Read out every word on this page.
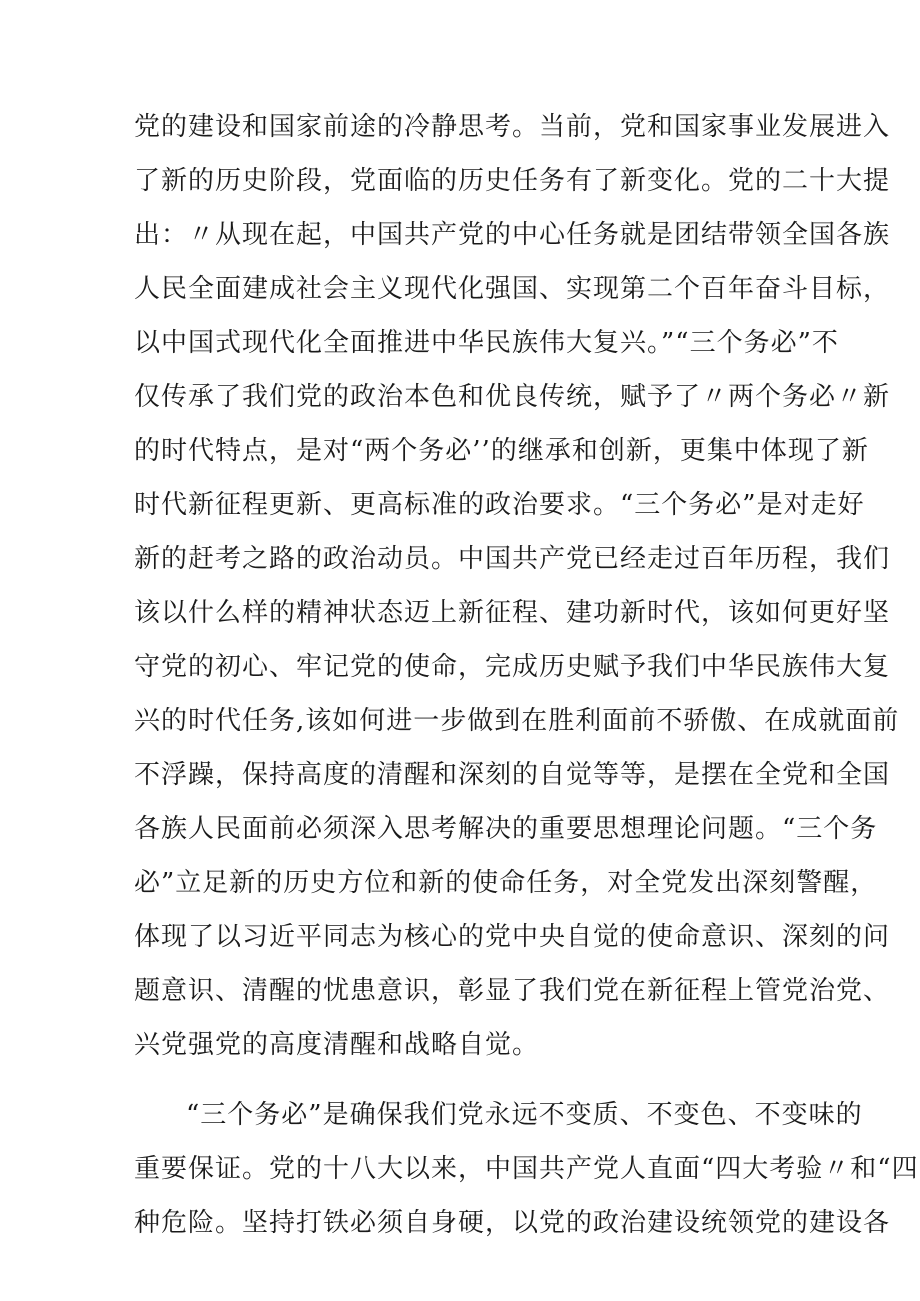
党的建设和国家前途的冷静思考。当前，党和国家事业发展进入
了新的历史阶段，党面临的历史任务有了新变化。党的二十大提
出：〃从现在起，中国共产党的中心任务就是团结带领全国各族
人民全面建成社会主义现代化强国、实现第二个百年奋斗目标，
以中国式现代化全面推进中华民族伟大复兴。”“三个务必”不
仅传承了我们党的政治本色和优良传统，赋予了〃两个务必〃新
的时代特点，是对“两个务必’’的继承和创新，更集中体现了新
时代新征程更新、更高标准的政治要求。“三个务必”是对走好
新的赶考之路的政治动员。中国共产党已经走过百年历程，我们
该以什么样的精神状态迈上新征程、建功新时代，该如何更好坚
守党的初心、牢记党的使命，完成历史赋予我们中华民族伟大复
兴的时代任务,该如何进一步做到在胜利面前不骄傲、在成就面前
不浮躁，保持高度的清醒和深刻的自觉等等，是摆在全党和全国
各族人民面前必须深入思考解决的重要思想理论问题。“三个务
必”立足新的历史方位和新的使命任务，对全党发出深刻警醒，
体现了以习近平同志为核心的党中央自觉的使命意识、深刻的问
题意识、清醒的忧患意识，彰显了我们党在新征程上管党治党、
兴党强党的高度清醒和战略自觉。
“三个务必”是确保我们党永远不变质、不变色、不变味的
重要保证。党的十八大以来，中国共产党人直面“四大考验〃和“四
种危险。坚持打铁必须自身硬，以党的政治建设统领党的建设各
